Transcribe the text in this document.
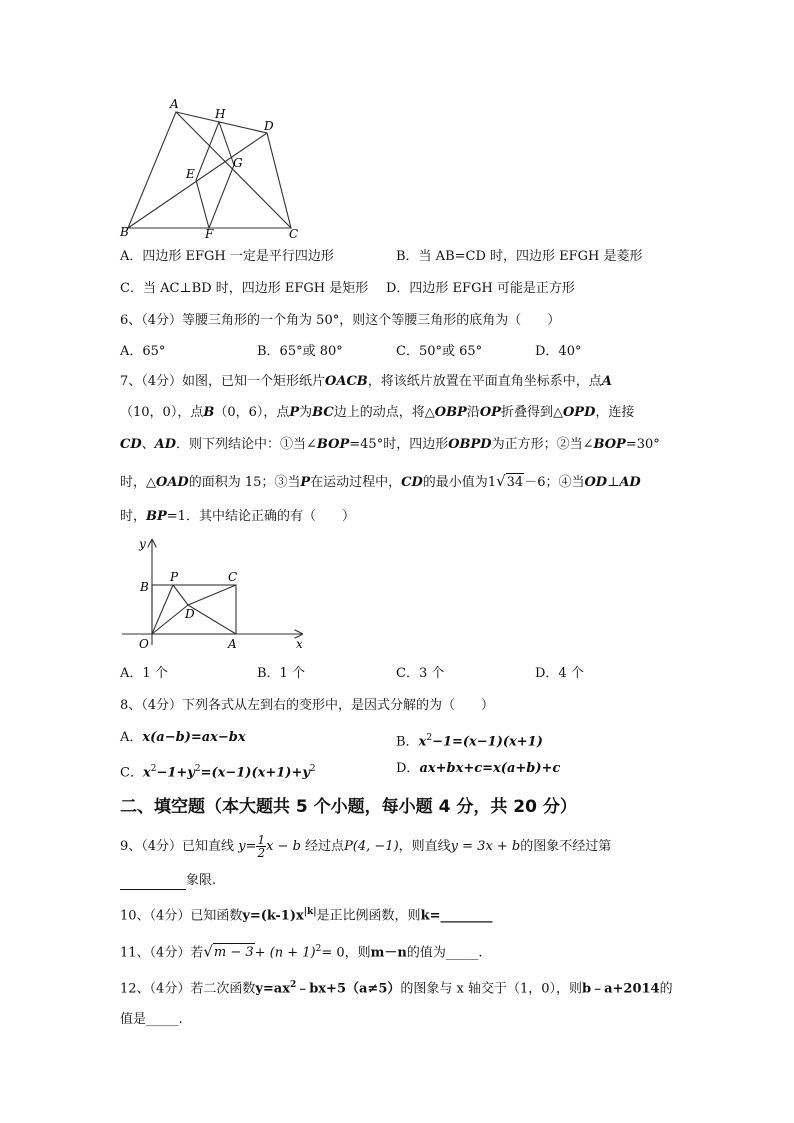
A
H
D
G
E
B	F	C
A．四边形 EFGH 一定是平行四边形	B．当 AB=CD 时，四边形 EFGH 是菱形
C．当 AC⊥BD 时，四边形 EFGH 是矩形 D．四边形 EFGH 可能是正方形
6、（4分）等腰三角形的一个角为 50°，则这个等腰三角形的底角为（　　）
A．65°	B．65°或 80°	C．50°或 65°	D．40°
7、（4分）如图，已知一个矩形纸片OACB，将该纸片放置在平面直角坐标系中，点A
（10，0），点B（0，6），点P为BC边上的动点，将△OBP沿OP折叠得到△OPD，连接
CD、AD．则下列结论中：①当∠BOP=45°时，四边形OBPD为正方形；②当∠BOP=30°
时，△OAD的面积为 15；③当P在运动过程中，CD的最小值为1√34－6；④当OD⊥AD
时，BP=1．其中结论正确的有（　　）
y
x
O	A
B
C
P
D
A．1 个	B．1 个	C．3 个	D．4 个
8、（4分）下列各式从左到右的变形中，是因式分解的为（　　）
A．x(a−b)=ax−bx	B．$x^2-1=(x-1)(x+1)$
C．$x^2-1+y^2=(x-1)(x+1)+y^2$	D．ax+bx+c=x(a+b)+c
二、填空题（本大题共 5 个小题，每小题 4 分，共 20 分）
9、（4分）已知直线 $y= \frac{1}{2}$ x − b 经过点P(4, −1)，则直线y = 3x + b的图象不经过第
象限.
10、（4分）已知函数$y=(k-1)x^{|k|}$是正比例函数，则k=________
11、（4分）若$√m - 3+ (n + 1)^2= 0$，则m－n的值为_____.
12、（4分）若二次函数$y=ax^2﹣bx+5(a\ne 5)$的图象与 x 轴交于（1，0），则b﹣a+2014的
值是_____.
